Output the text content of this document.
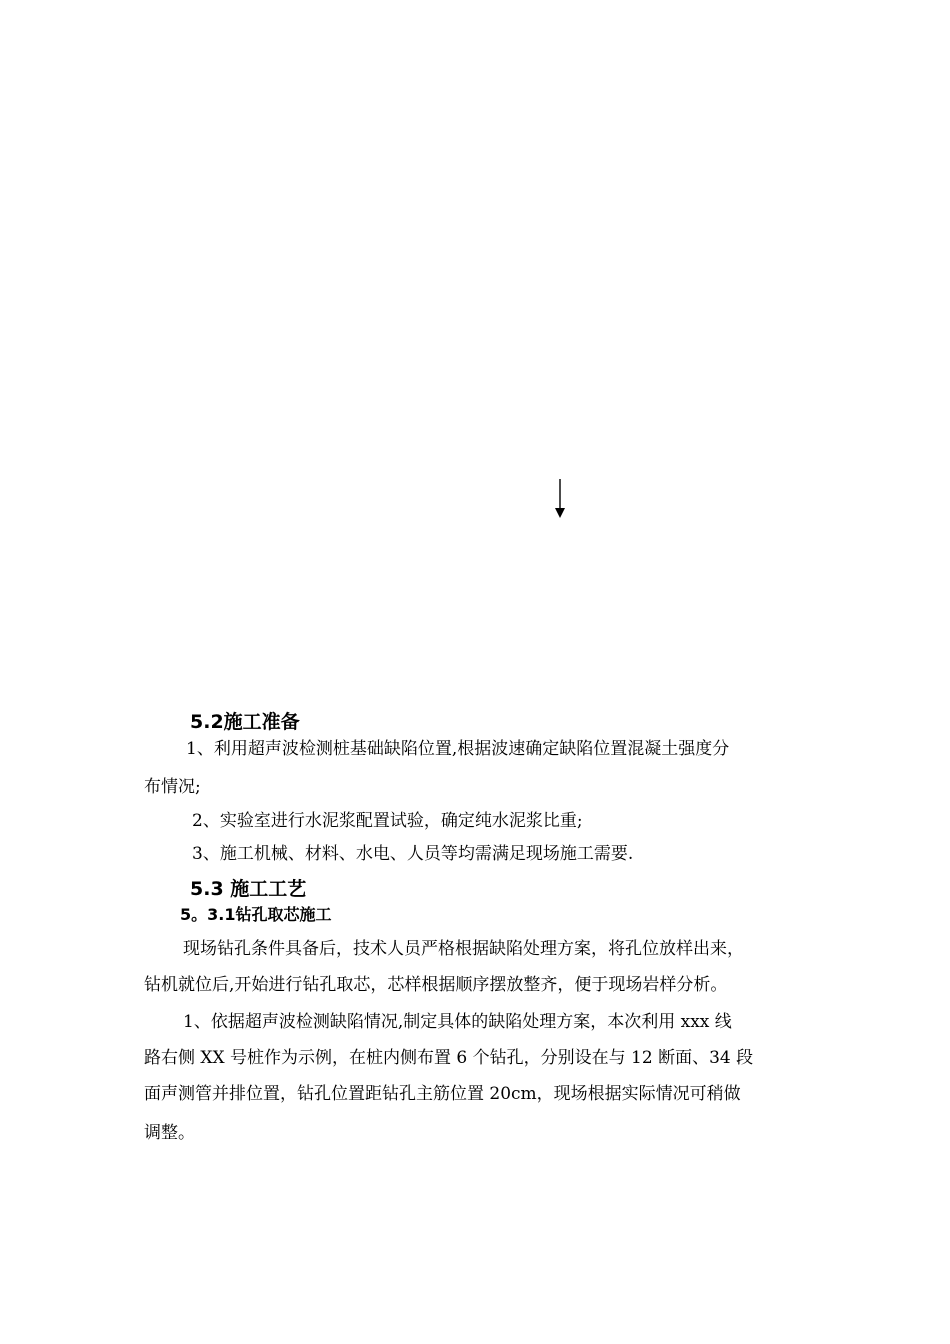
5.2施工准备
1、利用超声波检测桩基础缺陷位置,根据波速确定缺陷位置混凝土强度分
布情况;
2、实验室进行水泥浆配置试验，确定纯水泥浆比重;
3、施工机械、材料、水电、人员等均需满足现场施工需要.
5.3 施工工艺
5。3.1钻孔取芯施工
现场钻孔条件具备后，技术人员严格根据缺陷处理方案，将孔位放样出来，
钻机就位后,开始进行钻孔取芯，芯样根据顺序摆放整齐，便于现场岩样分析。
1、依据超声波检测缺陷情况,制定具体的缺陷处理方案，本次利用 xxx 线
路右侧 XX 号桩作为示例，在桩内侧布置 6 个钻孔，分别设在与 12 断面、34 段
面声测管并排位置，钻孔位置距钻孔主筋位置 20cm，现场根据实际情况可稍做
调整。
